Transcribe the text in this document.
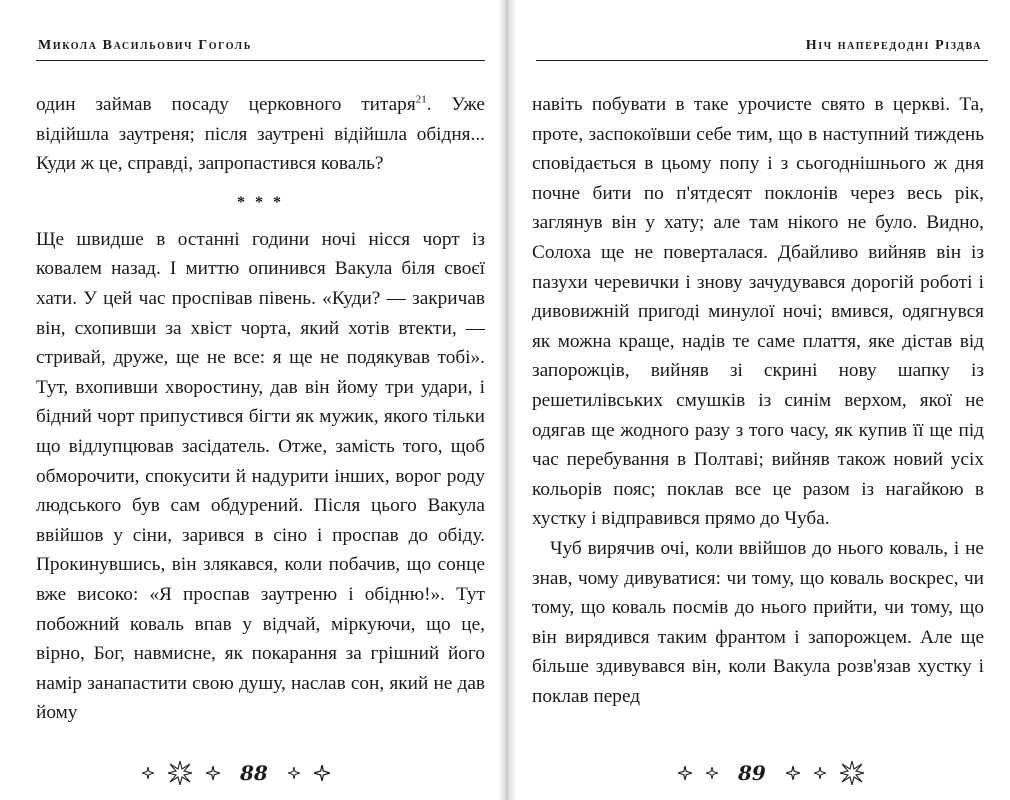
Микола Васильович Гоголь

один займав посаду церковного титаря$^{21}$. Уже відійшла заутреня; після заутрені відійшла обідня... Куди ж це, справді, запропастився коваль?

* * *

Ще швидше в останні години ночі нісся чорт із ковалем назад. І миттю опинився Вакула біля своєї хати. У цей час проспівав півень. «Куди? — закричав він, схопивши за хвіст чорта, який хотів втекти, — стривай, друже, ще не все: я ще не подякував тобі». Тут, вхопивши хворостину, дав він йому три удари, і бідний чорт припустився бігти як мужик, якого тільки що відлупцював засідатель. Отже, замість того, щоб обморочити, спокусити й надурити інших, ворог роду людського був сам обдурений. Після цього Вакула ввійшов у сіни, зарився в сіно і проспав до обіду. Прокинувшись, він злякався, коли побачив, що сонце вже високо: «Я проспав заутреню і обідню!». Тут побожний коваль впав у відчай, міркуючи, що це, вірно, Бог, навмисне, як покарання за грішний його намір занапастити свою душу, наслав сон, який не дав йому

88
Ніч напередодні Різдва

навіть побувати в таке урочисте свято в церкві. Та, проте, заспокоївши себе тим, що в наступний тиждень сповідається в цьому попу і з сьогоднішнього ж дня почне бити по п'ятдесят поклонів через весь рік, заглянув він у хату; але там нікого не було. Видно, Солоха ще не поверталася. Дбайливо вийняв він із пазухи черевички і знову зачудувався дорогій роботі і дивовижній пригоді минулої ночі; вмився, одягнувся як можна краще, надів те саме плаття, яке дістав від запорожців, вийняв зі скрині нову шапку із решетилівських смушків із синім верхом, якої не одягав ще жодного разу з того часу, як купив її ще під час перебування в Полтаві; вийняв також новий усіх кольорів пояс; поклав все це разом із нагайкою в хустку і відправився прямо до Чуба.

Чуб вирячив очі, коли ввійшов до нього коваль, і не знав, чому дивуватися: чи тому, що коваль воскрес, чи тому, що коваль посмів до нього прийти, чи тому, що він вирядився таким франтом і запорожцем. Але ще більше здивувався він, коли Вакула розв'язав хустку і поклав перед

89
